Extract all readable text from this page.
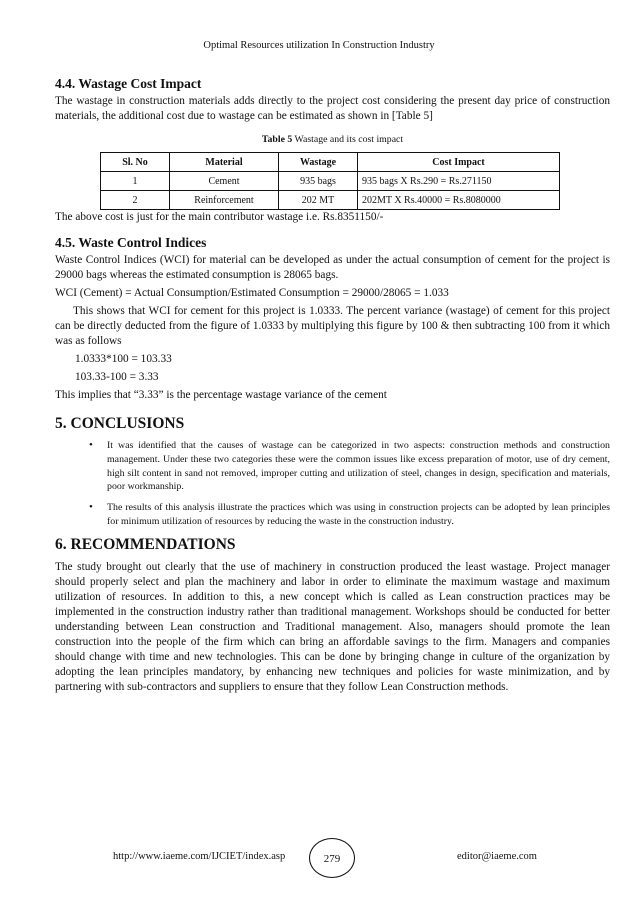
Optimal Resources utilization In Construction Industry
4.4. Wastage Cost Impact

The wastage in construction materials adds directly to the project cost considering the present day price of construction materials, the additional cost due to wastage can be estimated as shown in [Table 5]

Table 5 Wastage and its cost impact
Sl. No	Material	Wastage	Cost Impact
1	Cement	935 bags	935 bags X Rs.290 = Rs.271150
2	Reinforcement	202 MT	202MT X Rs.40000 = Rs.8080000

The above cost is just for the main contributor wastage i.e. Rs.8351150/-

4.5. Waste Control Indices

Waste Control Indices (WCI) for material can be developed as under the actual consumption of cement for the project is 29000 bags whereas the estimated consumption is 28065 bags.

WCI (Cement) = Actual Consumption/Estimated Consumption = 29000/28065 = 1.033

This shows that WCI for cement for this project is 1.0333. The percent variance (wastage) of cement for this project can be directly deducted from the figure of 1.0333 by multiplying this figure by 100 & then subtracting 100 from it which was as follows

1.0333*100 = 103.33

103.33-100 = 3.33

This implies that “3.33” is the percentage wastage variance of the cement

5. CONCLUSIONS
• It was identified that the causes of wastage can be categorized in two aspects: construction methods and construction management. Under these two categories these were the common issues like excess preparation of motor, use of dry cement, high silt content in sand not removed, improper cutting and utilization of steel, changes in design, specification and materials, poor workmanship.
• The results of this analysis illustrate the practices which was using in construction projects can be adopted by lean principles for minimum utilization of resources by reducing the waste in the construction industry.
6. RECOMMENDATIONS

The study brought out clearly that the use of machinery in construction produced the least wastage. Project manager should properly select and plan the machinery and labor in order to eliminate the maximum wastage and maximum utilization of resources. In addition to this, a new concept which is called as Lean construction practices may be implemented in the construction industry rather than traditional management. Workshops should be conducted for better understanding between Lean construction and Traditional management. Also, managers should promote the lean construction into the people of the firm which can bring an affordable savings to the firm. Managers and companies should change with time and new technologies. This can be done by bringing change in culture of the organization by adopting the lean principles mandatory, by enhancing new techniques and policies for waste minimization, and by partnering with sub-contractors and suppliers to ensure that they follow Lean Construction methods.

http://www.iaeme.com/IJCIET/index.asp	279	editor@iaeme.com
